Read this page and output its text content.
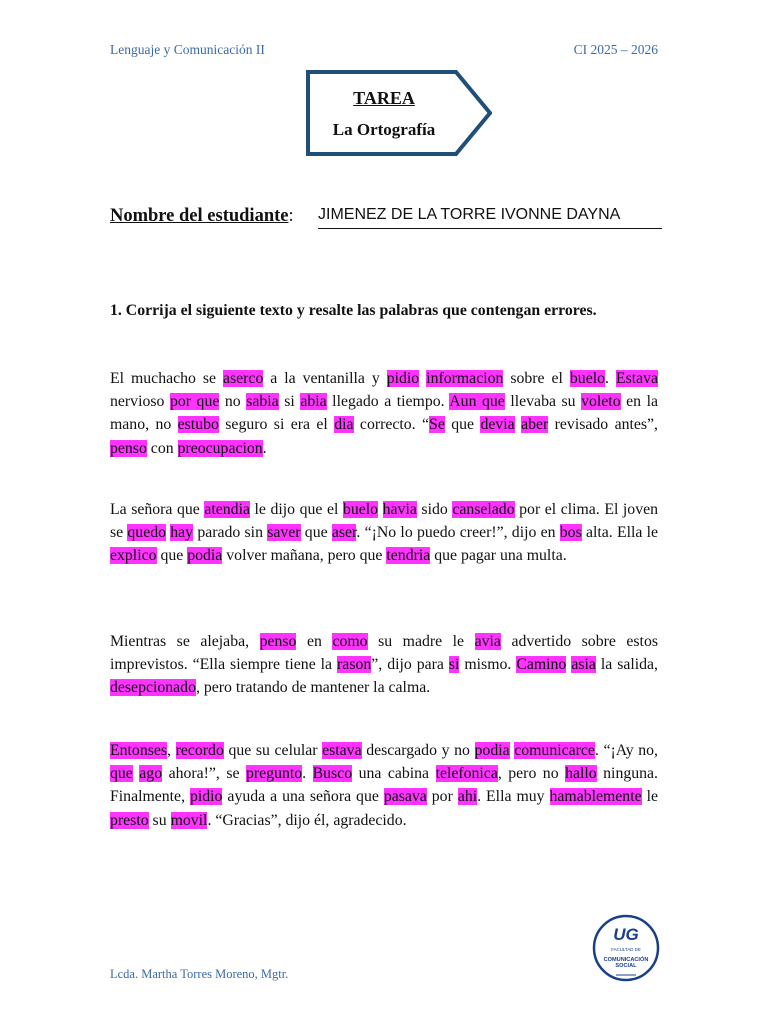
Lenguaje y Comunicación II	CI 2025 – 2026
TAREA
La Ortografía
Nombre del estudiante: JIMENEZ DE LA TORRE IVONNE DAYNA
1. Corrija el siguiente texto y resalte las palabras que contengan errores.

El muchacho se aserco a la ventanilla y pidio informacion sobre el buelo. Estava nervioso por que no sabia si abia llegado a tiempo. Aun que llevaba su voleto en la mano, no estubo seguro si era el dia correcto. “Se que devia aber revisado antes”, penso con preocupacion.

La señora que atendia le dijo que el buelo havia sido canselado por el clima. El joven se quedo hay parado sin saver que aser. “¡No lo puedo creer!”, dijo en bos alta. Ella le explico que podia volver mañana, pero que tendria que pagar una multa.

Mientras se alejaba, penso en como su madre le avia advertido sobre estos imprevistos. “Ella siempre tiene la rason”, dijo para si mismo. Camino asia la salida, desepcionado, pero tratando de mantener la calma.

Entonses, recordo que su celular estava descargado y no podia comunicarce. “¡Ay no, que ago ahora!”, se pregunto. Busco una cabina telefonica, pero no hallo ninguna. Finalmente, pidio ayuda a una señora que pasava por ahi. Ella muy hamablemente le presto su movil. “Gracias”, dijo él, agradecido.

UG
FACULTAD DE
COMUNICACIÓN
SOCIAL
Lcda. Martha Torres Moreno, Mgtr.
